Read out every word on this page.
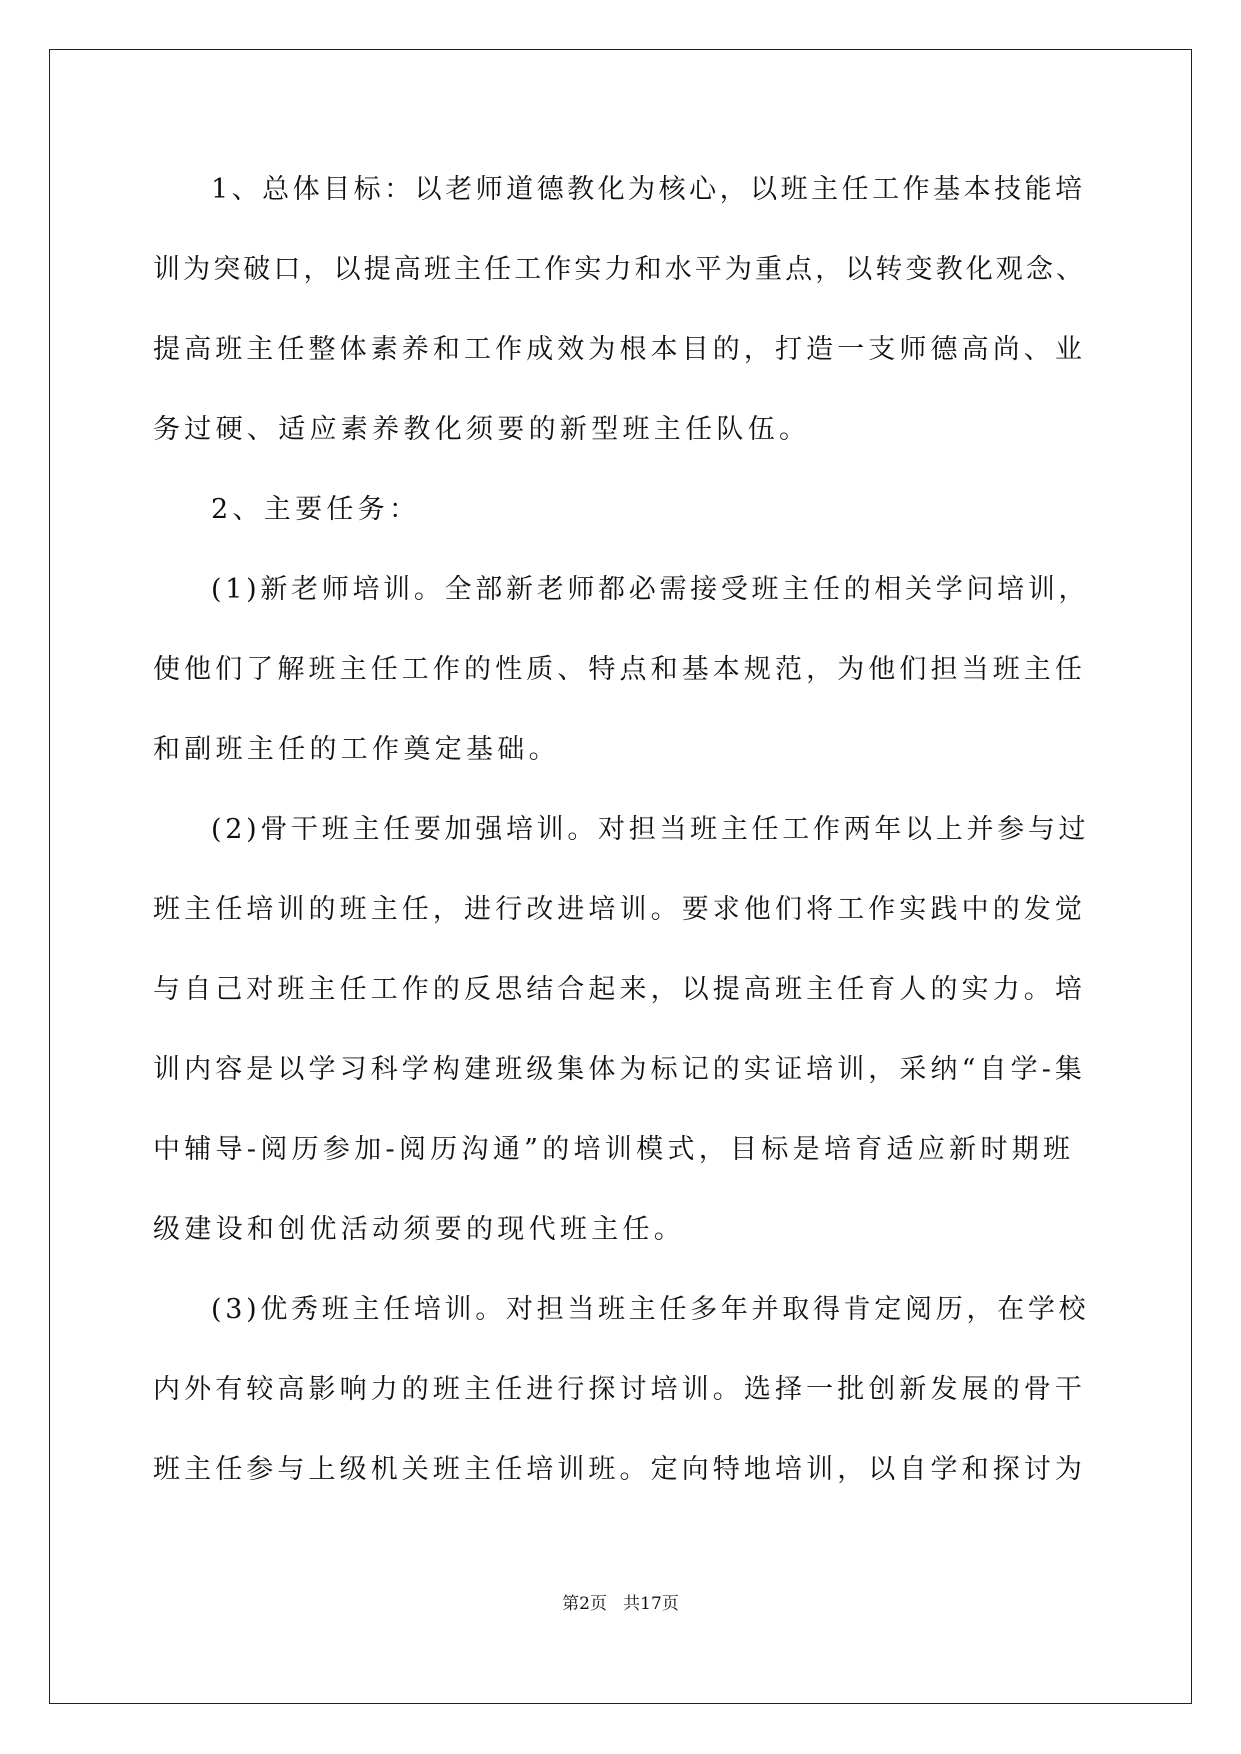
1、总体目标：以老师道德教化为核心，以班主任工作基本技能培

训为突破口，以提高班主任工作实力和水平为重点，以转变教化观念、

提高班主任整体素养和工作成效为根本目的，打造一支师德高尚、业

务过硬、适应素养教化须要的新型班主任队伍。

2、主要任务：

(1)新老师培训。全部新老师都必需接受班主任的相关学问培训，

使他们了解班主任工作的性质、特点和基本规范，为他们担当班主任

和副班主任的工作奠定基础。

(2)骨干班主任要加强培训。对担当班主任工作两年以上并参与过

班主任培训的班主任，进行改进培训。要求他们将工作实践中的发觉

与自己对班主任工作的反思结合起来，以提高班主任育人的实力。培

训内容是以学习科学构建班级集体为标记的实证培训，采纳“自学-集

中辅导-阅历参加-阅历沟通”的培训模式，目标是培育适应新时期班

级建设和创优活动须要的现代班主任。

(3)优秀班主任培训。对担当班主任多年并取得肯定阅历，在学校

内外有较高影响力的班主任进行探讨培训。选择一批创新发展的骨干

班主任参与上级机关班主任培训班。定向特地培训，以自学和探讨为

第2页   共17页
